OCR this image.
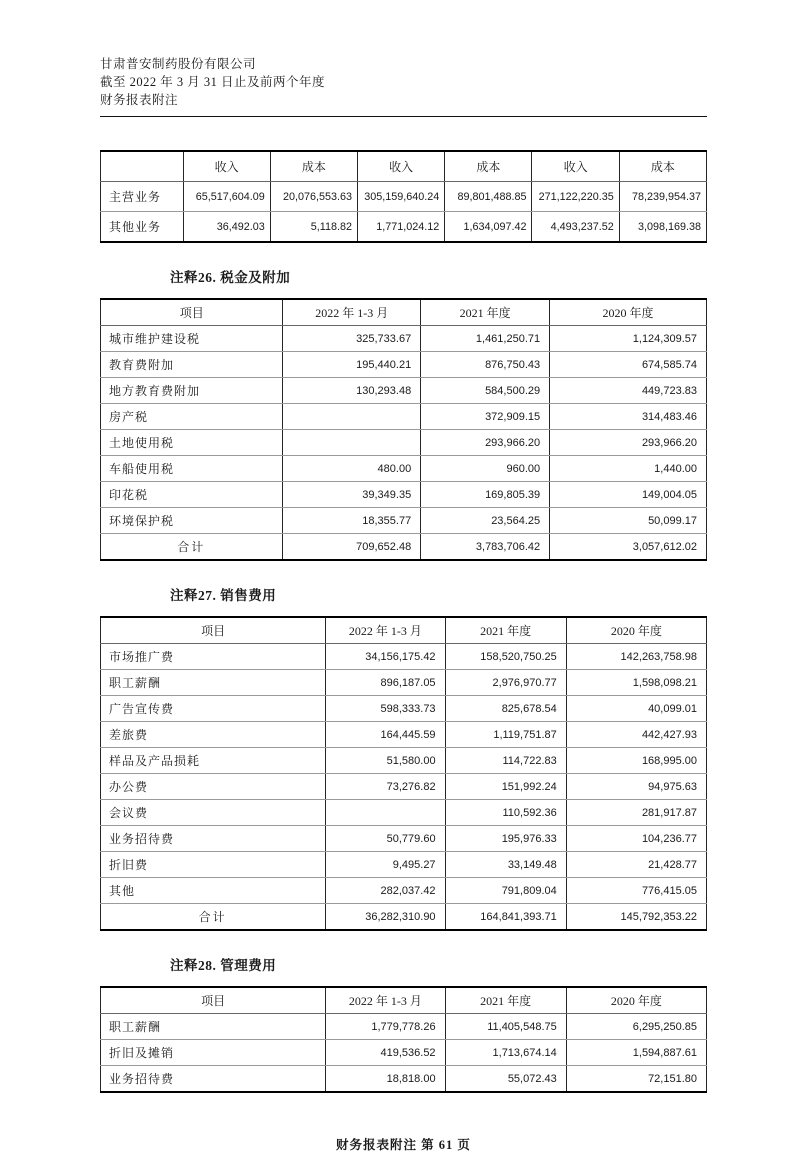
甘肃普安制药股份有限公司
截至 2022 年 3 月 31 日止及前两个年度
财务报表附注
	收入	成本	收入	成本	收入	成本
主营业务	65,517,604.09	20,076,553.63	305,159,640.24	89,801,488.85	271,122,220.35	78,239,954.37
其他业务	36,492.03	5,118.82	1,771,024.12	1,634,097.42	4,493,237.52	3,098,169.38
注释26. 税金及附加
项目	2022 年 1-3 月	2021 年度	2020 年度
城市维护建设税	325,733.67	1,461,250.71	1,124,309.57
教育费附加	195,440.21	876,750.43	674,585.74
地方教育费附加	130,293.48	584,500.29	449,723.83
房产税		372,909.15	314,483.46
土地使用税		293,966.20	293,966.20
车船使用税	480.00	960.00	1,440.00
印花税	39,349.35	169,805.39	149,004.05
环境保护税	18,355.77	23,564.25	50,099.17
合计	709,652.48	3,783,706.42	3,057,612.02
注释27. 销售费用
项目	2022 年 1-3 月	2021 年度	2020 年度
市场推广费	34,156,175.42	158,520,750.25	142,263,758.98
职工薪酬	896,187.05	2,976,970.77	1,598,098.21
广告宣传费	598,333.73	825,678.54	40,099.01
差旅费	164,445.59	1,119,751.87	442,427.93
样品及产品损耗	51,580.00	114,722.83	168,995.00
办公费	73,276.82	151,992.24	94,975.63
会议费		110,592.36	281,917.87
业务招待费	50,779.60	195,976.33	104,236.77
折旧费	9,495.27	33,149.48	21,428.77
其他	282,037.42	791,809.04	776,415.05
合计	36,282,310.90	164,841,393.71	145,792,353.22
注释28. 管理费用
项目	2022 年 1-3 月	2021 年度	2020 年度
职工薪酬	1,779,778.26	11,405,548.75	6,295,250.85
折旧及摊销	419,536.52	1,713,674.14	1,594,887.61
业务招待费	18,818.00	55,072.43	72,151.80
财务报表附注 第 61 页
